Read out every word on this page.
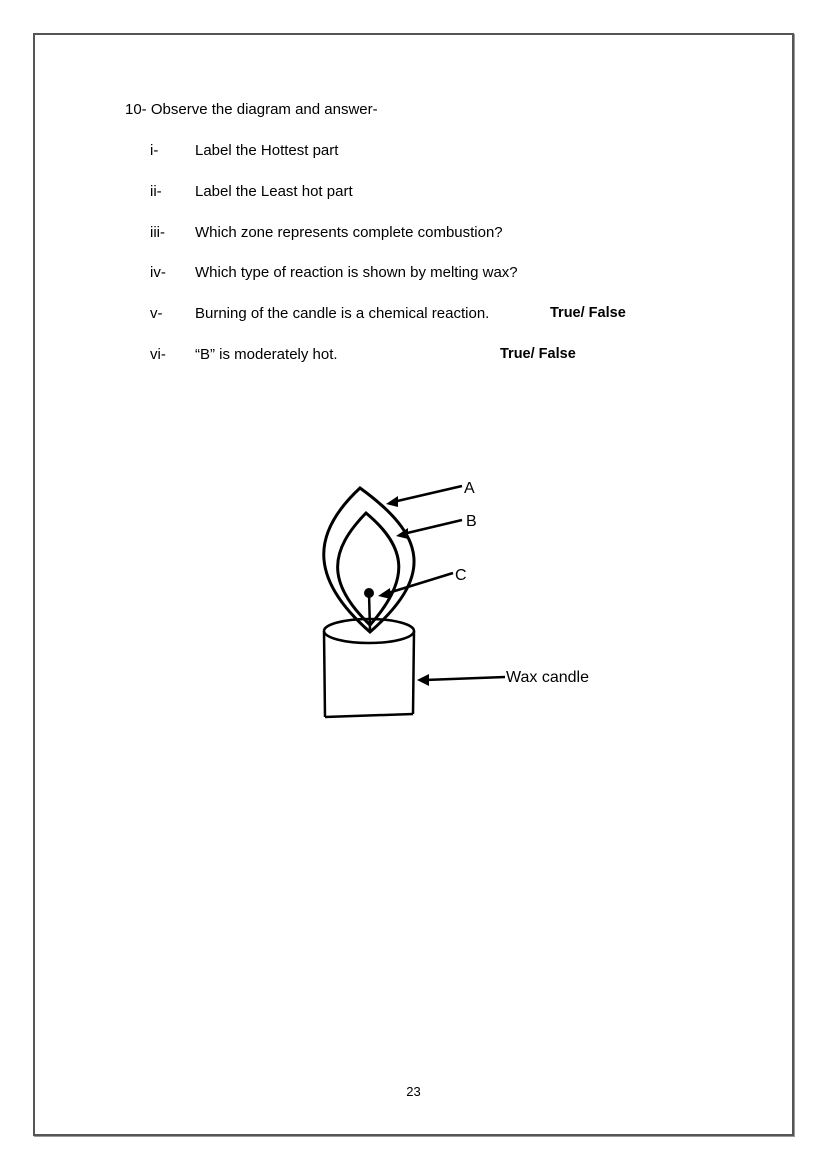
10- Observe the diagram and answer-
i- Label the Hottest part
ii- Label the Least hot part
iii- Which zone represents complete combustion?
iv- Which type of reaction is shown by melting wax?
v- Burning of the candle is a chemical reaction.	True/ False
vi- “B” is moderately hot.	True/ False
A
B
C
Wax candle
23
